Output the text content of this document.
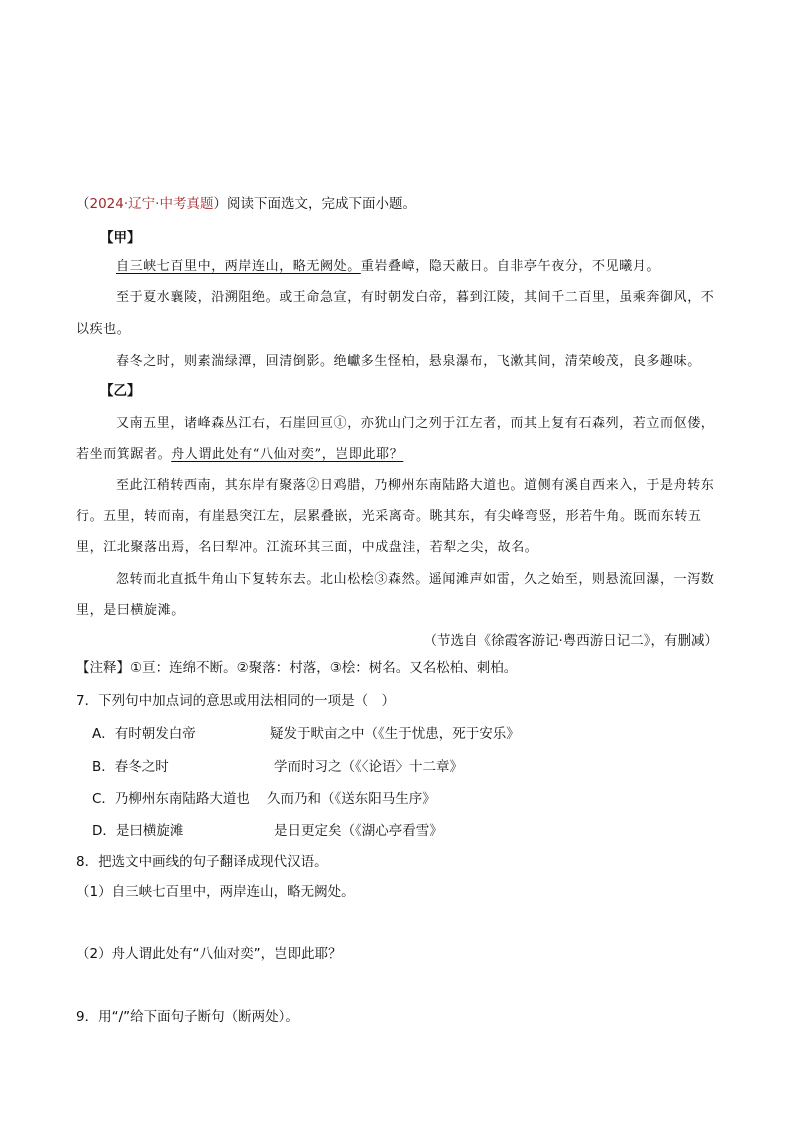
（2024·辽宁·中考真题）阅读下面选文，完成下面小题。
【甲】
自三峡七百里中，两岸连山，略无阙处。重岩叠嶂，隐天蔽日。自非亭午夜分，不见曦月。
至于夏水襄陵，沿溯阻绝。或王命急宣，有时朝发白帝，暮到江陵，其间千二百里，虽乘奔御风，不
以疾也。
春冬之时，则素湍绿潭，回清倒影。绝巘多生怪柏，悬泉瀑布，飞漱其间，清荣峻茂，良多趣味。
【乙】
又南五里，诸峰森丛江右，石崖回亘①，亦犹山门之列于江左者，而其上复有石森列，若立而伛偻，
若坐而箕踞者。舟人谓此处有“八仙对奕”，岂即此耶？
至此江稍转西南，其东岸有聚落②日鸡腊，乃柳州东南陆路大道也。道侧有溪自西来入，于是舟转东
行。五里，转而南，有崖悬突江左，层累叠嵌，光采离奇。眺其东，有尖峰弯竖，形若牛角。既而东转五
里，江北聚落出焉，名曰犁冲。江流环其三面，中成盘洼，若犁之尖，故名。
忽转而北直抵牛角山下复转东去。北山松桧③森然。遥闻滩声如雷，久之始至，则悬流回瀑，一泻数
里，是曰横旋滩。
（节选自《徐霞客游记·粤西游日记二》，有删减）
【注释】①亘：连绵不断。②聚落：村落，③桧：树名。又名松柏、刺柏。
7．下列句中加点词的意思或用法相同的一项是（　）
A．有时朝发白帝	疑发于畎亩之中（《生于忧患，死于安乐》
B．春冬之时	学而时习之（《〈论语〉十二章》
C．乃柳州东南陆路大道也 久而乃和（《送东阳马生序》
D．是曰横旋滩	是日更定矣（《湖心亭看雪》
8．把选文中画线的句子翻译成现代汉语。
（1）自三峡七百里中，两岸连山，略无阙处。
（2）舟人谓此处有“八仙对奕”，岂即此耶？
9．用“/”给下面句子断句（断两处）。
